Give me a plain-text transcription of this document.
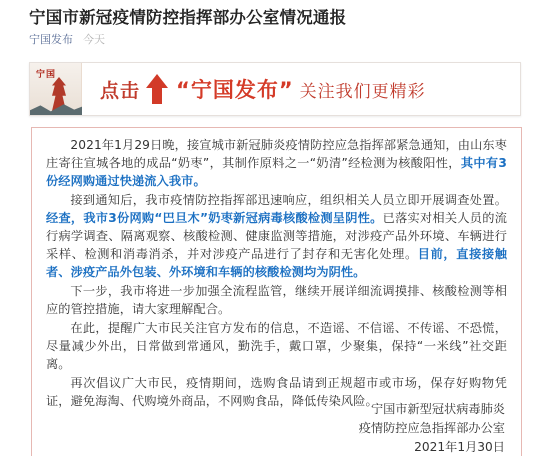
宁国市新冠疫情防控指挥部办公室情况通报
宁国发布 今天
宁国
点击 “宁国发布” 关注我们更精彩

2021年1月29日晚，接宣城市新冠肺炎疫情防控应急指挥部紧急通知，由山东枣庄寄往宣城各地的成品“奶枣”，其制作原料之一“奶清”经检测为核酸阳性，其中有3份经网购通过快递流入我市。

接到通知后，我市疫情防控指挥部迅速响应，组织相关人员立即开展调查处置。经查，我市3份网购“巴旦木”奶枣新冠病毒核酸检测呈阴性。已落实对相关人员的流行病学调查、隔离观察、核酸检测、健康监测等措施，对涉疫产品外环境、车辆进行采样、检测和消毒消杀，并对涉疫产品进行了封存和无害化处理。目前，直接接触者、涉疫产品外包装、外环境和车辆的核酸检测均为阴性。

下一步，我市将进一步加强全流程监管，继续开展详细流调摸排、核酸检测等相应的管控措施，请大家理解配合。

在此，提醒广大市民关注官方发布的信息，不造谣、不信谣、不传谣、不恐慌，尽量减少外出，日常做到常通风，勤洗手，戴口罩，少聚集，保持“一米线”社交距离。

再次倡议广大市民，疫情期间，选购食品请到正规超市或市场，保存好购物凭证，避免海淘、代购境外商品，不网购食品，降低传染风险。

宁国市新型冠状病毒肺炎
疫情防控应急指挥部办公室
2021年1月30日
